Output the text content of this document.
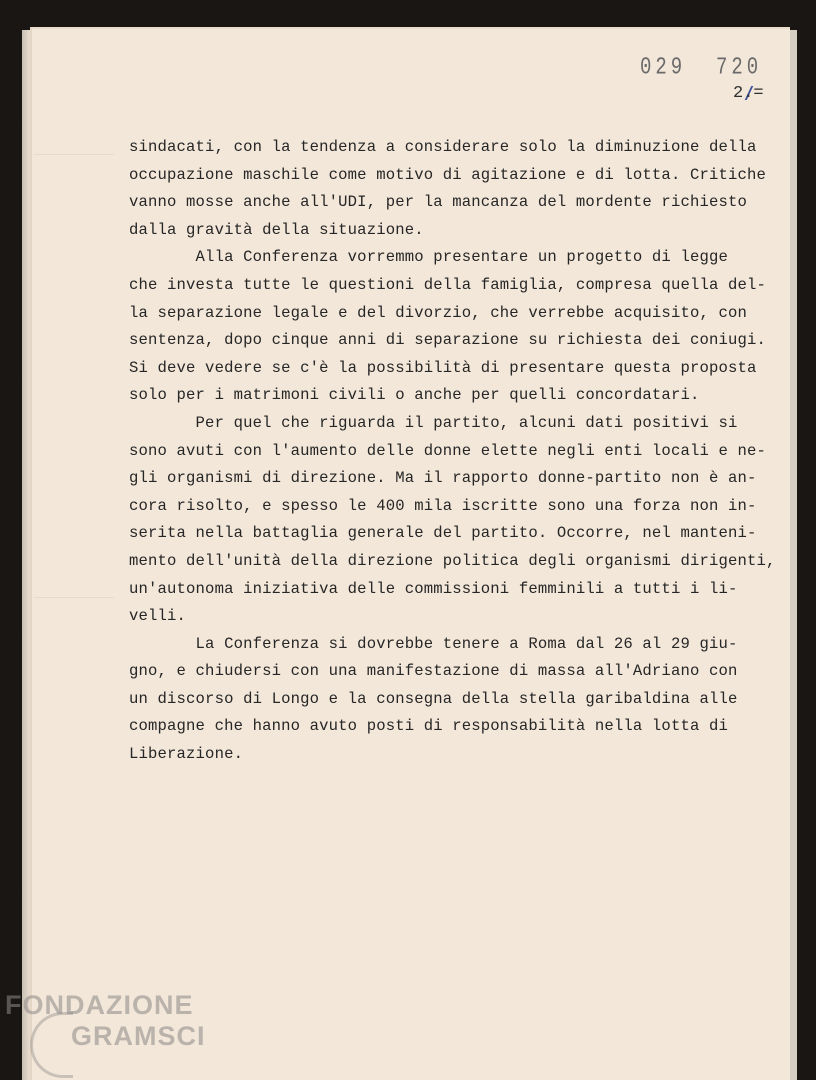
029 720
2.=
sindacati, con la tendenza a considerare solo la diminuzione della
occupazione maschile come motivo di agitazione e di lotta. Critiche
vanno mosse anche all'UDI, per la mancanza del mordente richiesto
dalla gravità della situazione.
Alla Conferenza vorremmo presentare un progetto di legge
che investa tutte le questioni della famiglia, compresa quella del-
la separazione legale e del divorzio, che verrebbe acquisito, con
sentenza, dopo cinque anni di separazione su richiesta dei coniugi.
Si deve vedere se c'è la possibilità di presentare questa proposta
solo per i matrimoni civili o anche per quelli concordatari.
Per quel che riguarda il partito, alcuni dati positivi si
sono avuti con l'aumento delle donne elette negli enti locali e ne-
gli organismi di direzione. Ma il rapporto donne-partito non è an-
cora risolto, e spesso le 400 mila iscritte sono una forza non in-
serita nella battaglia generale del partito. Occorre, nel manteni-
mento dell'unità della direzione politica degli organismi dirigenti,
un'autonoma iniziativa delle commissioni femminili a tutti i li-
velli.
La Conferenza si dovrebbe tenere a Roma dal 26 al 29 giu-
gno, e chiudersi con una manifestazione di massa all'Adriano con
un discorso di Longo e la consegna della stella garibaldina alle
compagne che hanno avuto posti di responsabilità nella lotta di
Liberazione.
FONDAZIONE
GRAMSCI
